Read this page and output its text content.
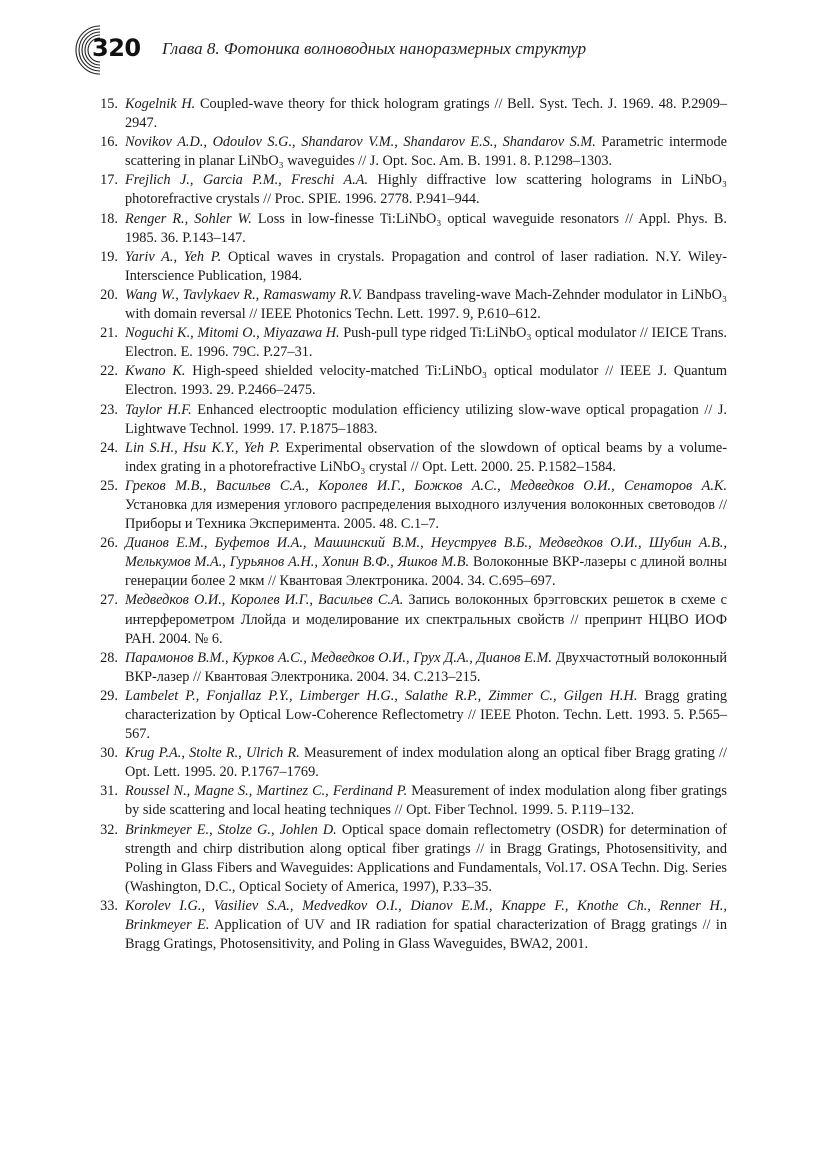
320 Глава 8. Фотоника волноводных наноразмерных структур
15. Kogelnik H. Coupled-wave theory for thick hologram gratings // Bell. Syst. Tech. J. 1969. 48. P.2909–2947.
16. Novikov A.D., Odoulov S.G., Shandarov V.M., Shandarov E.S., Shandarov S.M. Parametric intermode scattering in planar LiNbO₃ waveguides // J. Opt. Soc. Am. B. 1991. 8. P.1298–1303.
17. Frejlich J., Garcia P.M., Freschi A.A. Highly diffractive low scattering holograms in LiNbO₃ photorefractive crystals // Proc. SPIE. 1996. 2778. P.941–944.
18. Renger R., Sohler W. Loss in low-finesse Ti:LiNbO₃ optical waveguide resonators // Appl. Phys. B. 1985. 36. P.143–147.
19. Yariv A., Yeh P. Optical waves in crystals. Propagation and control of laser radiation. N.Y. Wiley-Interscience Publication, 1984.
20. Wang W., Tavlykaev R., Ramaswamy R.V. Bandpass traveling-wave Mach-Zehnder modulator in LiNbO₃ with domain reversal // IEEE Photonics Techn. Lett. 1997. 9, P.610–612.
21. Noguchi K., Mitomi O., Miyazawa H. Push-pull type ridged Ti:LiNbO₃ optical modulator // IEICE Trans. Electron. E. 1996. 79C. P.27–31.
22. Kwano K. High-speed shielded velocity-matched Ti:LiNbO₃ optical modulator // IEEE J. Quantum Electron. 1993. 29. P.2466–2475.
23. Taylor H.F. Enhanced electrooptic modulation efficiency utilizing slow-wave optical propagation // J. Lightwave Technol. 1999. 17. P.1875–1883.
24. Lin S.H., Hsu K.Y., Yeh P. Experimental observation of the slowdown of optical beams by a volume-index grating in a photorefractive LiNbO₃ crystal // Opt. Lett. 2000. 25. P.1582–1584.
25. Греков М.В., Васильев С.А., Королев И.Г., Божков А.С., Медведков О.И., Сенаторов А.К. Установка для измерения углового распределения выходного излучения волоконных световодов // Приборы и Техника Эксперимента. 2005. 48. С.1–7.
26. Дианов Е.М., Буфетов И.А., Машинский В.М., Неуструев В.Б., Медведков О.И., Шубин А.В., Мелькумов М.А., Гурьянов А.Н., Хопин В.Ф., Яшков М.В. Волоконные ВКР-лазеры с длиной волны генерации более 2 мкм // Квантовая Электроника. 2004. 34. С.695–697.
27. Медведков О.И., Королев И.Г., Васильев С.А. Запись волоконных брэгговских решеток в схеме с интерферометром Ллойда и моделирование их спектральных свойств // препринт НЦВО ИОФ РАН. 2004. № 6.
28. Парамонов В.М., Курков А.С., Медведков О.И., Грух Д.А., Дианов Е.М. Двухчастотный волоконный ВКР-лазер // Квантовая Электроника. 2004. 34. С.213–215.
29. Lambelet P., Fonjallaz P.Y., Limberger H.G., Salathe R.P., Zimmer C., Gilgen H.H. Bragg grating characterization by Optical Low-Coherence Reflectometry // IEEE Photon. Techn. Lett. 1993. 5. P.565–567.
30. Krug P.A., Stolte R., Ulrich R. Measurement of index modulation along an optical fiber Bragg grating // Opt. Lett. 1995. 20. P.1767–1769.
31. Roussel N., Magne S., Martinez C., Ferdinand P. Measurement of index modulation along fiber gratings by side scattering and local heating techniques // Opt. Fiber Technol. 1999. 5. P.119–132.
32. Brinkmeyer E., Stolze G., Johlen D. Optical space domain reflectometry (OSDR) for determination of strength and chirp distribution along optical fiber gratings // in Bragg Gratings, Photosensitivity, and Poling in Glass Fibers and Waveguides: Applications and Fundamentals, Vol.17. OSA Techn. Dig. Series (Washington, D.C., Optical Society of America, 1997), P.33–35.
33. Korolev I.G., Vasiliev S.A., Medvedkov O.I., Dianov E.M., Knappe F., Knothe Ch., Renner H., Brinkmeyer E. Application of UV and IR radiation for spatial characterization of Bragg gratings // in Bragg Gratings, Photosensitivity, and Poling in Glass Waveguides, BWA2, 2001.
